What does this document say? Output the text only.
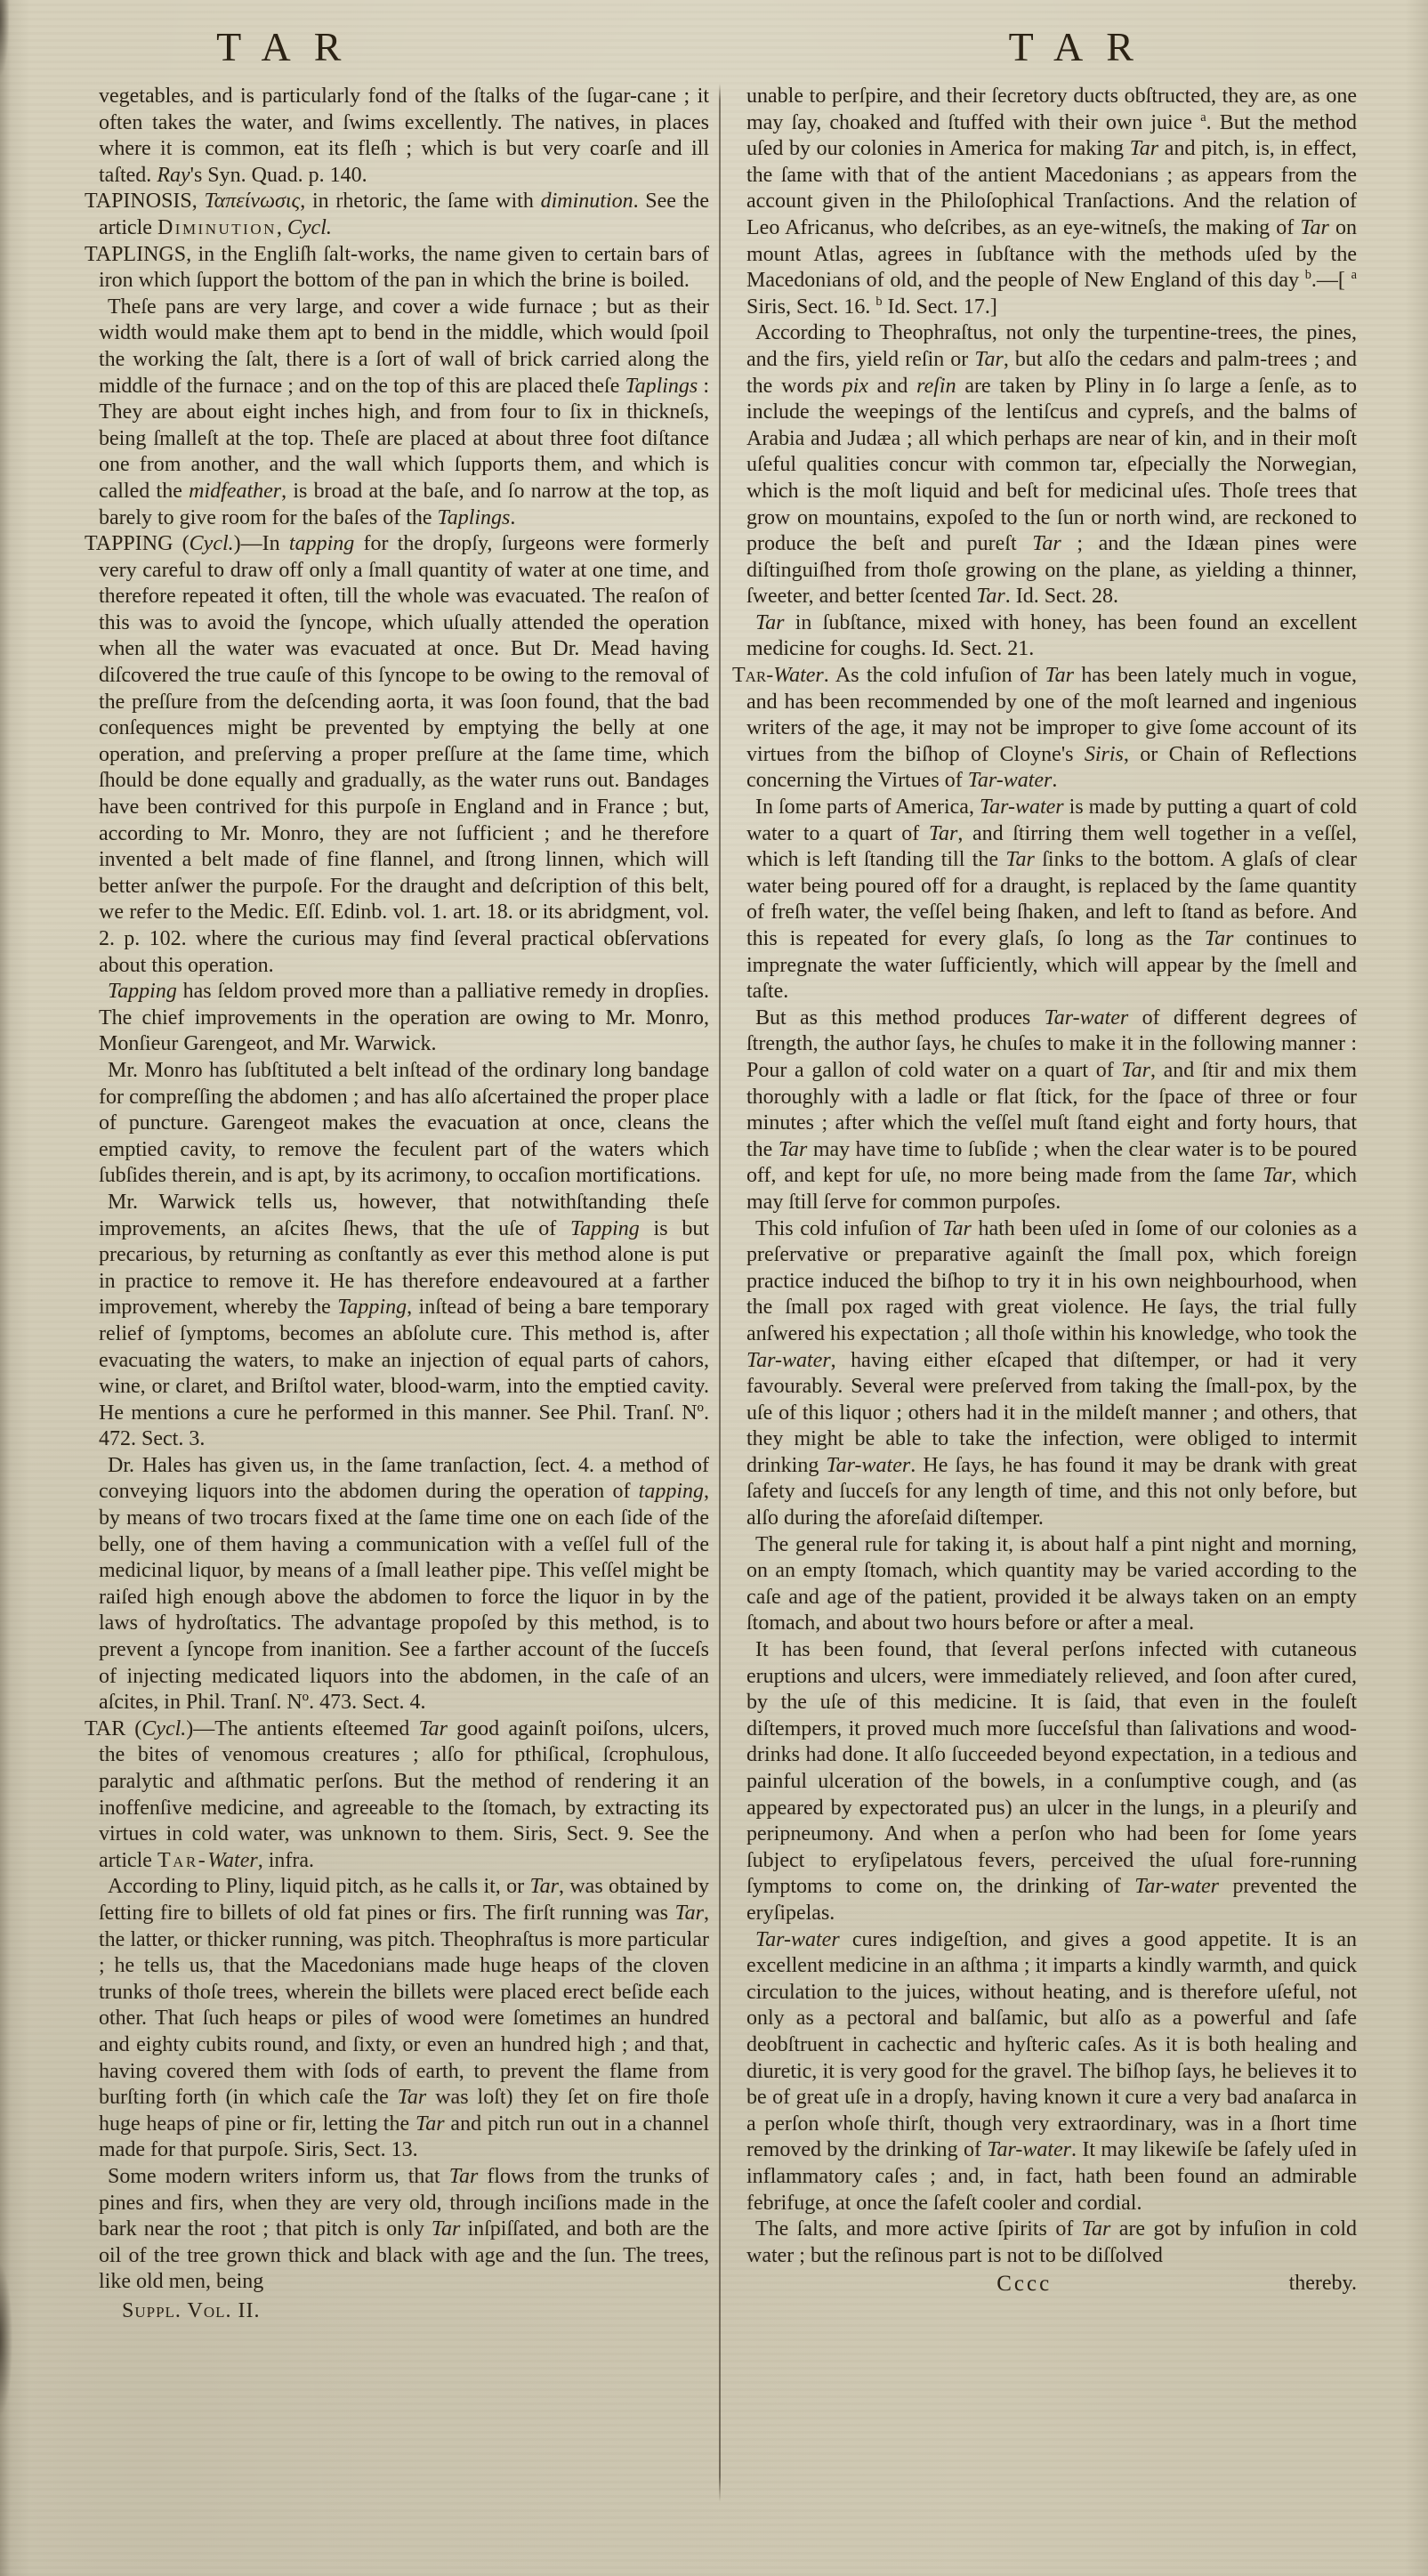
TAR	TAR

vegetables, and is particularly fond of the ſtalks of the ſugar-cane ; it often takes the water, and ſwims excellently. The natives, in places where it is common, eat its fleſh ; which is but very coarſe and ill taſted. Ray's Syn. Quad. p. 140.

TAPINOSIS, Ταπείνωσις, in rhetoric, the ſame with diminution. See the article Diminution, Cycl.

TAPLINGS, in the Engliſh ſalt-works, the name given to certain bars of iron which ſupport the bottom of the pan in which the brine is boiled.

Theſe pans are very large, and cover a wide furnace ; but as their width would make them apt to bend in the middle, which would ſpoil the working the ſalt, there is a ſort of wall of brick carried along the middle of the furnace ; and on the top of this are placed theſe Taplings : They are about eight inches high, and from four to ſix in thickneſs, being ſmalleſt at the top. Theſe are placed at about three foot diſtance one from another, and the wall which ſupports them, and which is called the midfeather, is broad at the baſe, and ſo narrow at the top, as barely to give room for the baſes of the Taplings.

TAPPING (Cycl.)—In tapping for the dropſy, ſurgeons were formerly very careful to draw off only a ſmall quantity of water at one time, and therefore repeated it often, till the whole was evacuated. The reaſon of this was to avoid the ſyncope, which uſually attended the operation when all the water was evacuated at once. But Dr. Mead having diſcovered the true cauſe of this ſyncope to be owing to the removal of the preſſure from the deſcending aorta, it was ſoon found, that the bad conſequences might be prevented by emptying the belly at one operation, and preſerving a proper preſſure at the ſame time, which ſhould be done equally and gradually, as the water runs out. Bandages have been contrived for this purpoſe in England and in France ; but, according to Mr. Monro, they are not ſufficient ; and he therefore invented a belt made of fine flannel, and ſtrong linnen, which will better anſwer the purpoſe. For the draught and deſcription of this belt, we refer to the Medic. Eſſ. Edinb. vol. 1. art. 18. or its abridgment, vol. 2. p. 102. where the curious may find ſeveral practical obſervations about this operation.

Tapping has ſeldom proved more than a palliative remedy in dropſies. The chief improvements in the operation are owing to Mr. Monro, Monſieur Garengeot, and Mr. Warwick.

Mr. Monro has ſubſtituted a belt inſtead of the ordinary long bandage for compreſſing the abdomen ; and has alſo aſcertained the proper place of puncture. Garengeot makes the evacuation at once, cleans the emptied cavity, to remove the feculent part of the waters which ſubſides therein, and is apt, by its acrimony, to occaſion mortifications.

Mr. Warwick tells us, however, that notwithſtanding theſe improvements, an aſcites ſhews, that the uſe of Tapping is but precarious, by returning as conſtantly as ever this method alone is put in practice to remove it. He has therefore endeavoured at a farther improvement, whereby the Tapping, inſtead of being a bare temporary relief of ſymptoms, becomes an abſolute cure. This method is, after evacuating the waters, to make an injection of equal parts of cahors, wine, or claret, and Briſtol water, blood-warm, into the emptied cavity. He mentions a cure he performed in this manner. See Phil. Tranſ. Nº. 472. Sect. 3.

Dr. Hales has given us, in the ſame tranſaction, ſect. 4. a method of conveying liquors into the abdomen during the operation of tapping, by means of two trocars fixed at the ſame time one on each ſide of the belly, one of them having a communication with a veſſel full of the medicinal liquor, by means of a ſmall leather pipe. This veſſel might be raiſed high enough above the abdomen to force the liquor in by the laws of hydroſtatics. The advantage propoſed by this method, is to prevent a ſyncope from inanition. See a farther account of the ſucceſs of injecting medicated liquors into the abdomen, in the caſe of an aſcites, in Phil. Tranſ. Nº. 473. Sect. 4.

TAR (Cycl.)—The antients eſteemed Tar good againſt poiſons, ulcers, the bites of venomous creatures ; alſo for pthiſical, ſcrophulous, paralytic and aſthmatic perſons. But the method of rendering it an inoffenſive medicine, and agreeable to the ſtomach, by extracting its virtues in cold water, was unknown to them. Siris, Sect. 9. See the article Tar-Water, infra.

According to Pliny, liquid pitch, as he calls it, or Tar, was obtained by ſetting fire to billets of old fat pines or firs. The firſt running was Tar, the latter, or thicker running, was pitch. Theophraſtus is more particular ; he tells us, that the Macedonians made huge heaps of the cloven trunks of thoſe trees, wherein the billets were placed erect beſide each other. That ſuch heaps or piles of wood were ſometimes an hundred and eighty cubits round, and ſixty, or even an hundred high ; and that, having covered them with ſods of earth, to prevent the flame from burſting forth (in which caſe the Tar was loſt) they ſet on fire thoſe huge heaps of pine or fir, letting the Tar and pitch run out in a channel made for that purpoſe. Siris, Sect. 13.

Some modern writers inform us, that Tar flows from the trunks of pines and firs, when they are very old, through inciſions made in the bark near the root ; that pitch is only Tar inſpiſſated, and both are the oil of the tree grown thick and black with age and the ſun. The trees, like old men, being

Suppl. Vol. II.

unable to perſpire, and their ſecretory ducts obſtructed, they are, as one may ſay, choaked and ſtuffed with their own juice $^a$. But the method uſed by our colonies in America for making Tar and pitch, is, in effect, the ſame with that of the antient Macedonians ; as appears from the account given in the Philoſophical Tranſactions. And the relation of Leo Africanus, who deſcribes, as an eye-witneſs, the making of Tar on mount Atlas, agrees in ſubſtance with the methods uſed by the Macedonians of old, and the people of New England of this day $^b$.—[ $^a$ Siris, Sect. 16. $^b$ Id. Sect. 17.]

According to Theophraſtus, not only the turpentine-trees, the pines, and the firs, yield reſin or Tar, but alſo the cedars and palm-trees ; and the words pix and reſin are taken by Pliny in ſo large a ſenſe, as to include the weepings of the lentiſcus and cypreſs, and the balms of Arabia and Judæa ; all which perhaps are near of kin, and in their moſt uſeful qualities concur with common tar, eſpecially the Norwegian, which is the moſt liquid and beſt for medicinal uſes. Thoſe trees that grow on mountains, expoſed to the ſun or north wind, are reckoned to produce the beſt and pureſt Tar ; and the Idæan pines were diſtinguiſhed from thoſe growing on the plane, as yielding a thinner, ſweeter, and better ſcented Tar. Id. Sect. 28.

Tar in ſubſtance, mixed with honey, has been found an excellent medicine for coughs. Id. Sect. 21.

Tar-Water. As the cold infuſion of Tar has been lately much in vogue, and has been recommended by one of the moſt learned and ingenious writers of the age, it may not be improper to give ſome account of its virtues from the biſhop of Cloyne's Siris, or Chain of Reflections concerning the Virtues of Tar-water.

In ſome parts of America, Tar-water is made by putting a quart of cold water to a quart of Tar, and ſtirring them well together in a veſſel, which is left ſtanding till the Tar ſinks to the bottom. A glaſs of clear water being poured off for a draught, is replaced by the ſame quantity of freſh water, the veſſel being ſhaken, and left to ſtand as before. And this is repeated for every glaſs, ſo long as the Tar continues to impregnate the water ſufficiently, which will appear by the ſmell and taſte.

But as this method produces Tar-water of different degrees of ſtrength, the author ſays, he chuſes to make it in the following manner : Pour a gallon of cold water on a quart of Tar, and ſtir and mix them thoroughly with a ladle or flat ſtick, for the ſpace of three or four minutes ; after which the veſſel muſt ſtand eight and forty hours, that the Tar may have time to ſubſide ; when the clear water is to be poured off, and kept for uſe, no more being made from the ſame Tar, which may ſtill ſerve for common purpoſes.

This cold infuſion of Tar hath been uſed in ſome of our colonies as a preſervative or preparative againſt the ſmall pox, which foreign practice induced the biſhop to try it in his own neighbourhood, when the ſmall pox raged with great violence. He ſays, the trial fully anſwered his expectation ; all thoſe within his knowledge, who took the Tar-water, having either eſcaped that diſtemper, or had it very favourably. Several were preſerved from taking the ſmall-pox, by the uſe of this liquor ; others had it in the mildeſt manner ; and others, that they might be able to take the infection, were obliged to intermit drinking Tar-water. He ſays, he has found it may be drank with great ſafety and ſucceſs for any length of time, and this not only before, but alſo during the aforeſaid diſtemper.

The general rule for taking it, is about half a pint night and morning, on an empty ſtomach, which quantity may be varied according to the caſe and age of the patient, provided it be always taken on an empty ſtomach, and about two hours before or after a meal.

It has been found, that ſeveral perſons infected with cutaneous eruptions and ulcers, were immediately relieved, and ſoon after cured, by the uſe of this medicine. It is ſaid, that even in the fouleſt diſtempers, it proved much more ſucceſsful than ſalivations and wood-drinks had done. It alſo ſucceeded beyond expectation, in a tedious and painful ulceration of the bowels, in a conſumptive cough, and (as appeared by expectorated pus) an ulcer in the lungs, in a pleuriſy and peripneumony. And when a perſon who had been for ſome years ſubject to eryſipelatous fevers, perceived the uſual fore-running ſymptoms to come on, the drinking of Tar-water prevented the eryſipelas.

Tar-water cures indigeſtion, and gives a good appetite. It is an excellent medicine in an aſthma ; it imparts a kindly warmth, and quick circulation to the juices, without heating, and is therefore uſeful, not only as a pectoral and balſamic, but alſo as a powerful and ſafe deobſtruent in cachectic and hyſteric caſes. As it is both healing and diuretic, it is very good for the gravel. The biſhop ſays, he believes it to be of great uſe in a dropſy, having known it cure a very bad anaſarca in a perſon whoſe thirſt, though very extraordinary, was in a ſhort time removed by the drinking of Tar-water. It may likewiſe be ſafely uſed in inflammatory caſes ; and, in fact, hath been found an admirable febrifuge, at once the ſafeſt cooler and cordial.

The ſalts, and more active ſpirits of Tar are got by infuſion in cold water ; but the reſinous part is not to be diſſolved

Cccc	thereby.
